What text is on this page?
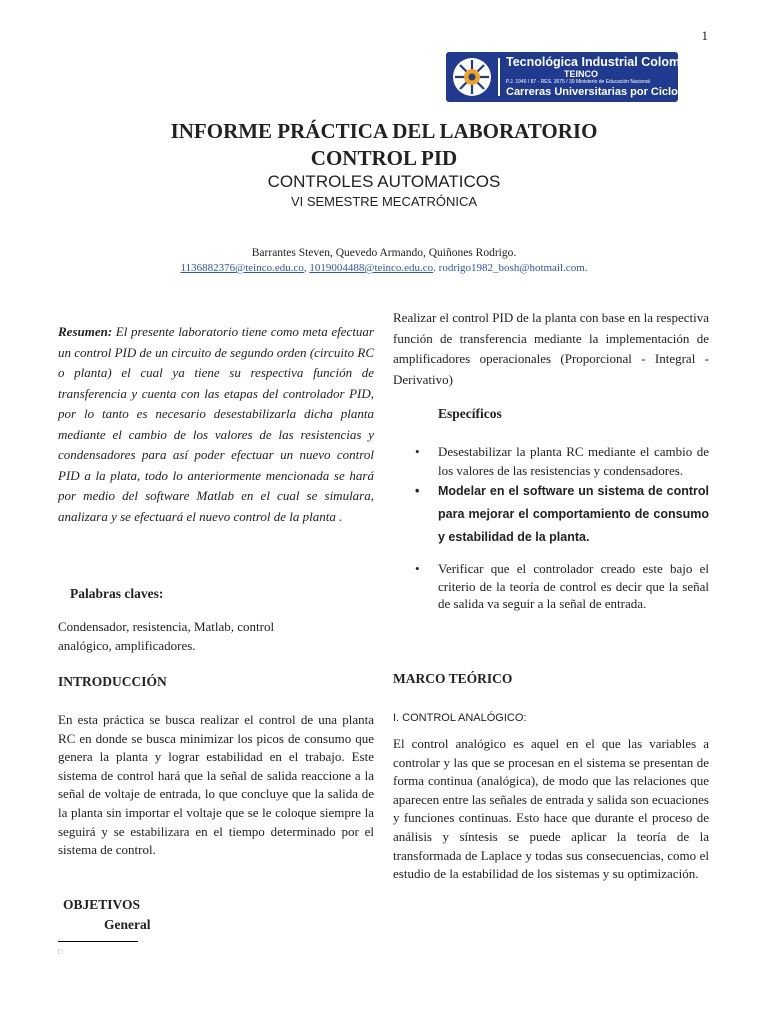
1
Tecnológica Industrial Colombiana
TEINCO
P.J. 1946 / 87 - RES. 3675 / 30 Ministerio de Educación Nacional
Carreras Universitarias por Ciclos
INFORME PRÁCTICA DEL LABORATORIO
CONTROL PID
CONTROLES AUTOMATICOS
VI SEMESTRE MECATRÓNICA
Barrantes Steven, Quevedo Armando, Quiñones Rodrigo.
1136882376@teinco.edu.co, 1019004488@teinco.edu.co. rodrigo1982_bosh@hotmail.com.
Resumen: El presente laboratorio tiene como meta efectuar un control PID de un circuito de segundo orden (circuito RC o planta) el cual ya tiene su respectiva función de transferencia y cuenta con las etapas del controlador PID, por lo tanto es necesario desestabilizarla dicha planta mediante el cambio de los valores de las resistencias y condensadores para así poder efectuar un nuevo control PID a la plata, todo lo anteriormente mencionada se hará por medio del software Matlab en el cual se simulara, analizara y se efectuará el nuevo control de la planta .
Palabras claves:
Condensador, resistencia, Matlab, control analógico, amplificadores.
INTRODUCCIÓN
En esta práctica se busca realizar el control de una planta RC en donde se busca minimizar los picos de consumo que genera la planta y lograr estabilidad en el trabajo. Este sistema de control hará que la señal de salida reaccione a la señal de voltaje de entrada, lo que concluye que la salida de la planta sin importar el voltaje que se le coloque siempre la seguirá y se estabilizara en el tiempo determinado por el sistema de control.
OBJETIVOS
General
□
Realizar el control PID de la planta con base en la respectiva función de transferencia mediante la implementación de amplificadores operacionales (Proporcional - Integral - Derivativo)
Específicos
• Desestabilizar la planta RC mediante el cambio de los valores de las resistencias y condensadores.
• Modelar en el software un sistema de control para mejorar el comportamiento de consumo y estabilidad de la planta.
• Verificar que el controlador creado este bajo el criterio de la teoría de control es decir que la señal de salida va seguir a la señal de entrada.
MARCO TEÓRICO
I. CONTROL ANALÓGICO:
El control analógico es aquel en el que las variables a controlar y las que se procesan en el sistema se presentan de forma continua (analógica), de modo que las relaciones que aparecen entre las señales de entrada y salida son ecuaciones y funciones continuas. Esto hace que durante el proceso de análisis y síntesis se puede aplicar la teoría de la transformada de Laplace y todas sus consecuencias, como el estudio de la estabilidad de los sistemas y su optimización.
